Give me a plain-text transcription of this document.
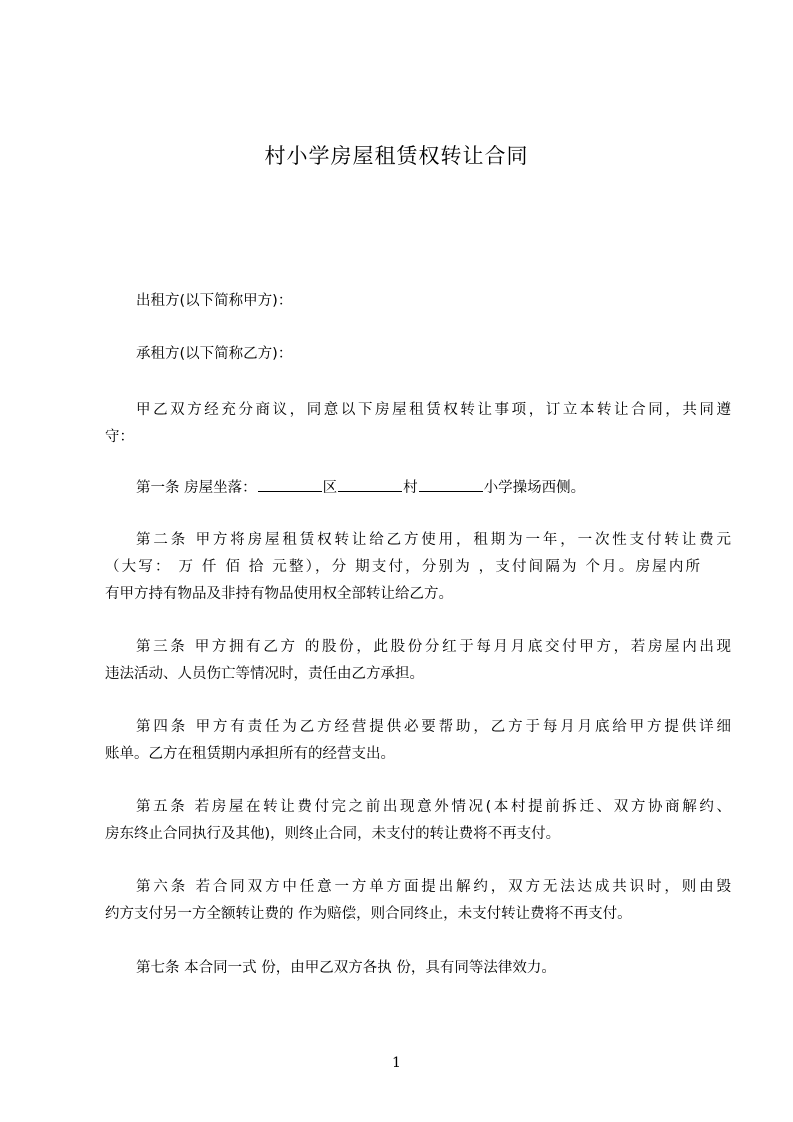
村小学房屋租赁权转让合同
出租方(以下简称甲方)：
承租方(以下简称乙方)：
甲乙双方经充分商议，同意以下房屋租赁权转让事项，订立本转让合同，共同遵
守：
第一条 房屋坐落：	区	村	小学操场西侧。
第二条 甲方将房屋租赁权转让给乙方使用，租期为一年，一次性支付转让费元
（大写： 万 仟 佰 拾 元整），分 期支付，分别为 ，支付间隔为 个月。房屋内所
有甲方持有物品及非持有物品使用权全部转让给乙方。
第三条 甲方拥有乙方 的股份，此股份分红于每月月底交付甲方，若房屋内出现
违法活动、人员伤亡等情况时，责任由乙方承担。
第四条 甲方有责任为乙方经营提供必要帮助，乙方于每月月底给甲方提供详细
账单。乙方在租赁期内承担所有的经营支出。
第五条 若房屋在转让费付完之前出现意外情况(本村提前拆迁、双方协商解约、
房东终止合同执行及其他)，则终止合同，未支付的转让费将不再支付。
第六条 若合同双方中任意一方单方面提出解约，双方无法达成共识时，则由毁
约方支付另一方全额转让费的 作为赔偿，则合同终止，未支付转让费将不再支付。
第七条 本合同一式 份，由甲乙双方各执 份，具有同等法律效力。
1
